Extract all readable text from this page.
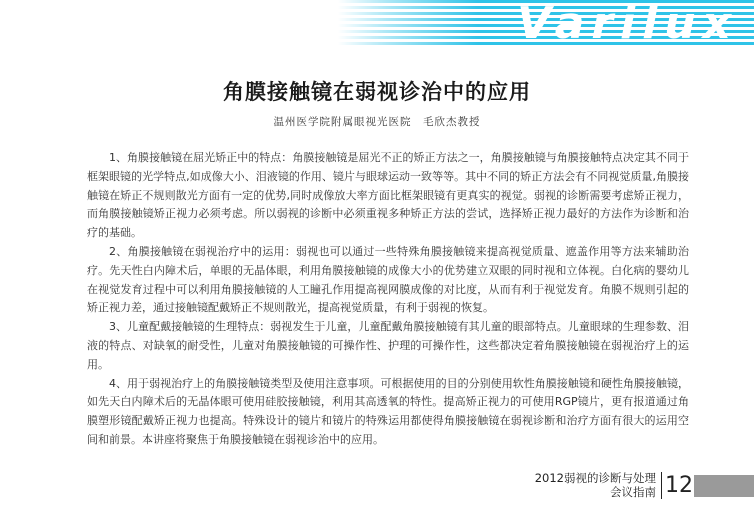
Varilux
角膜接触镜在弱视诊治中的应用
温州医学院附属眼视光医院　毛欣杰教授

1、角膜接触镜在屈光矫正中的特点：角膜接触镜是屈光不正的矫正方法之一，角膜接触镜与角膜接触特点决定其不同于框架眼镜的光学特点,如成像大小、泪液镜的作用、镜片与眼球运动一致等等。其中不同的矫正方法会有不同视觉质量,角膜接触镜在矫正不规则散光方面有一定的优势,同时成像放大率方面比框架眼镜有更真实的视觉。弱视的诊断需要考虑矫正视力，而角膜接触镜矫正视力必须考虑。所以弱视的诊断中必须重视多种矫正方法的尝试，选择矫正视力最好的方法作为诊断和治疗的基础。

2、角膜接触镜在弱视治疗中的运用：弱视也可以通过一些特殊角膜接触镜来提高视觉质量、遮盖作用等方法来辅助治疗。先天性白内障术后，单眼的无晶体眼，利用角膜接触镜的成像大小的优势建立双眼的同时视和立体视。白化病的婴幼儿在视觉发育过程中可以利用角膜接触镜的人工瞳孔作用提高视网膜成像的对比度，从而有利于视觉发育。角膜不规则引起的矫正视力差，通过接触镜配戴矫正不规则散光，提高视觉质量，有利于弱视的恢复。

3、儿童配戴接触镜的生理特点：弱视发生于儿童，儿童配戴角膜接触镜有其儿童的眼部特点。儿童眼球的生理参数、泪液的特点、对缺氧的耐受性，儿童对角膜接触镜的可操作性、护理的可操作性，这些都决定着角膜接触镜在弱视治疗上的运用。

4、用于弱视治疗上的角膜接触镜类型及使用注意事项。可根据使用的目的分别使用软性角膜接触镜和硬性角膜接触镜，如先天白内障术后的无晶体眼可使用硅胶接触镜，利用其高透氧的特性。提高矫正视力的可使用RGP镜片，更有报道通过角膜塑形镜配戴矫正视力也提高。特殊设计的镜片和镜片的特殊运用都使得角膜接触镜在弱视诊断和治疗方面有很大的运用空间和前景。本讲座将聚焦于角膜接触镜在弱视诊治中的应用。

2012弱视的诊断与处理
会议指南 12
